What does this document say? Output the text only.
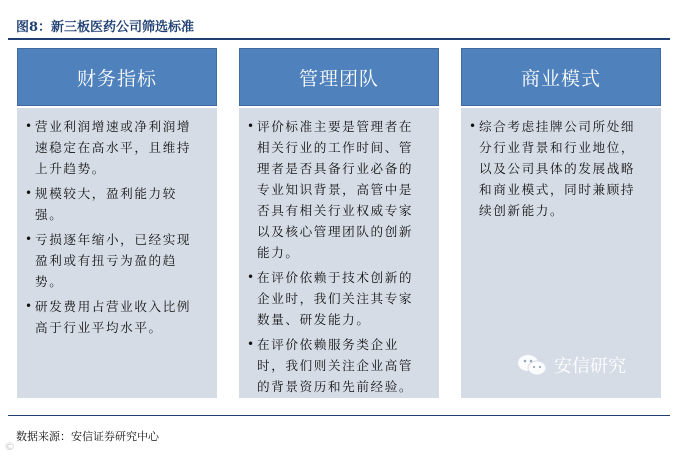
图8：新三板医药公司筛选标准
财务指标
• 营业利润增速或净利润增速稳定在高水平，且维持上升趋势。
• 规模较大，盈利能力较强。
• 亏损逐年缩小，已经实现盈利或有扭亏为盈的趋势。
• 研发费用占营业收入比例高于行业平均水平。
管理团队
• 评价标准主要是管理者在相关行业的工作时间、管理者是否具备行业必备的专业知识背景，高管中是否具有相关行业权威专家以及核心管理团队的创新能力。
• 在评价依赖于技术创新的企业时，我们关注其专家数量、研发能力。
• 在评价依赖服务类企业时，我们则关注企业高管的背景资历和先前经验。
商业模式
• 综合考虑挂牌公司所处细分行业背景和行业地位，以及公司具体的发展战略和商业模式，同时兼顾持续创新能力。
安信研究
数据来源：安信证券研究中心
©
